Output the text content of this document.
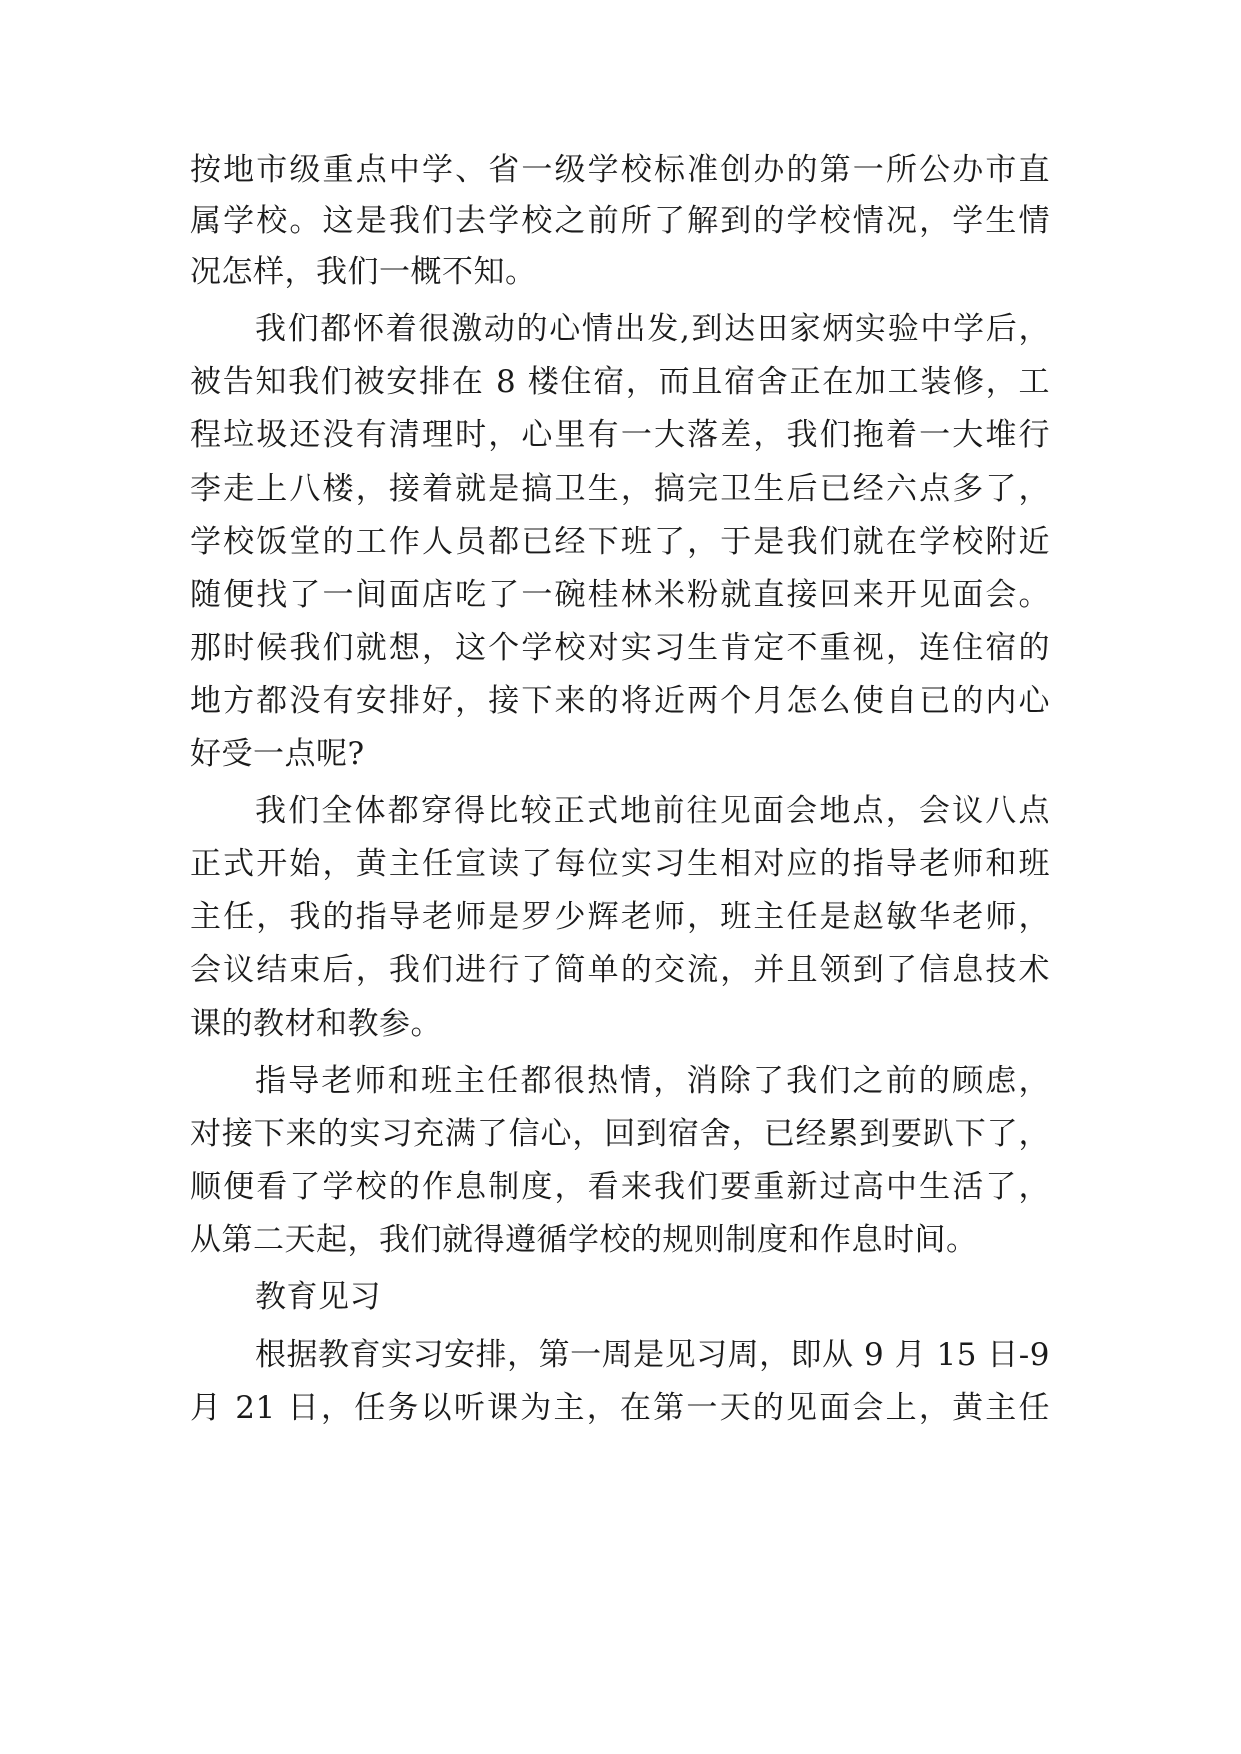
按地市级重点中学、省一级学校标准创办的第一所公办市直
属学校。这是我们去学校之前所了解到的学校情况，学生情
况怎样，我们一概不知。
我们都怀着很激动的心情出发,到达田家炳实验中学后，
被告知我们被安排在 8 楼住宿，而且宿舍正在加工装修，工
程垃圾还没有清理时，心里有一大落差，我们拖着一大堆行
李走上八楼，接着就是搞卫生，搞完卫生后已经六点多了，
学校饭堂的工作人员都已经下班了，于是我们就在学校附近
随便找了一间面店吃了一碗桂林米粉就直接回来开见面会。
那时候我们就想，这个学校对实习生肯定不重视，连住宿的
地方都没有安排好，接下来的将近两个月怎么使自已的内心
好受一点呢?
我们全体都穿得比较正式地前往见面会地点，会议八点
正式开始，黄主任宣读了每位实习生相对应的指导老师和班
主任，我的指导老师是罗少辉老师，班主任是赵敏华老师，
会议结束后，我们进行了简单的交流，并且领到了信息技术
课的教材和教参。
指导老师和班主任都很热情，消除了我们之前的顾虑，
对接下来的实习充满了信心，回到宿舍，已经累到要趴下了，
顺便看了学校的作息制度，看来我们要重新过高中生活了，
从第二天起，我们就得遵循学校的规则制度和作息时间。
教育见习
根据教育实习安排，第一周是见习周，即从 9 月 15 日-9
月 21 日，任务以听课为主，在第一天的见面会上，黄主任
